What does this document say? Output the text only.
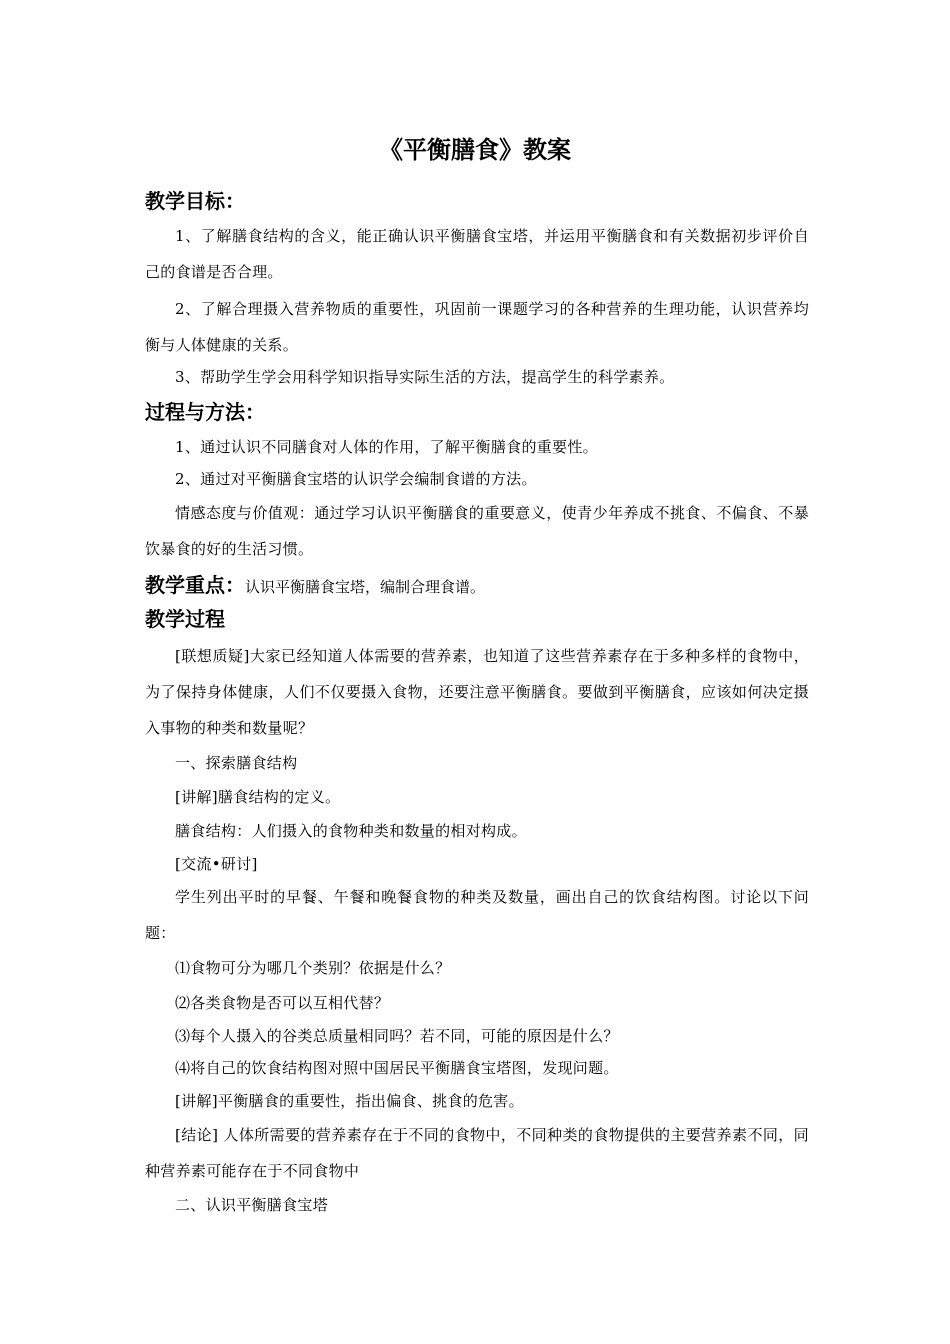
《平衡膳食》教案
教学目标：

1、了解膳食结构的含义，能正确认识平衡膳食宝塔，并运用平衡膳食和有关数据初步评价自己的食谱是否合理。

2、了解合理摄入营养物质的重要性，巩固前一课题学习的各种营养的生理功能，认识营养均衡与人体健康的关系。

3、帮助学生学会用科学知识指导实际生活的方法，提高学生的科学素养。

过程与方法：

1、通过认识不同膳食对人体的作用，了解平衡膳食的重要性。

2、通过对平衡膳食宝塔的认识学会编制食谱的方法。

情感态度与价值观：通过学习认识平衡膳食的重要意义，使青少年养成不挑食、不偏食、不暴饮暴食的好的生活习惯。

教学重点：认识平衡膳食宝塔，编制合理食谱。
教学过程

[联想质疑]大家已经知道人体需要的营养素，也知道了这些营养素存在于多种多样的食物中，为了保持身体健康，人们不仅要摄入食物，还要注意平衡膳食。要做到平衡膳食，应该如何决定摄入事物的种类和数量呢？

一、探索膳食结构

[讲解]膳食结构的定义。

膳食结构：人们摄入的食物种类和数量的相对构成。

[交流•研讨]

学生列出平时的早餐、午餐和晚餐食物的种类及数量，画出自己的饮食结构图。讨论以下问题：

⑴食物可分为哪几个类别？依据是什么？

⑵各类食物是否可以互相代替？

⑶每个人摄入的谷类总质量相同吗？若不同，可能的原因是什么？

⑷将自己的饮食结构图对照中国居民平衡膳食宝塔图，发现问题。

[讲解]平衡膳食的重要性，指出偏食、挑食的危害。

[结论] 人体所需要的营养素存在于不同的食物中，不同种类的食物提供的主要营养素不同，同种营养素可能存在于不同食物中

二、认识平衡膳食宝塔
